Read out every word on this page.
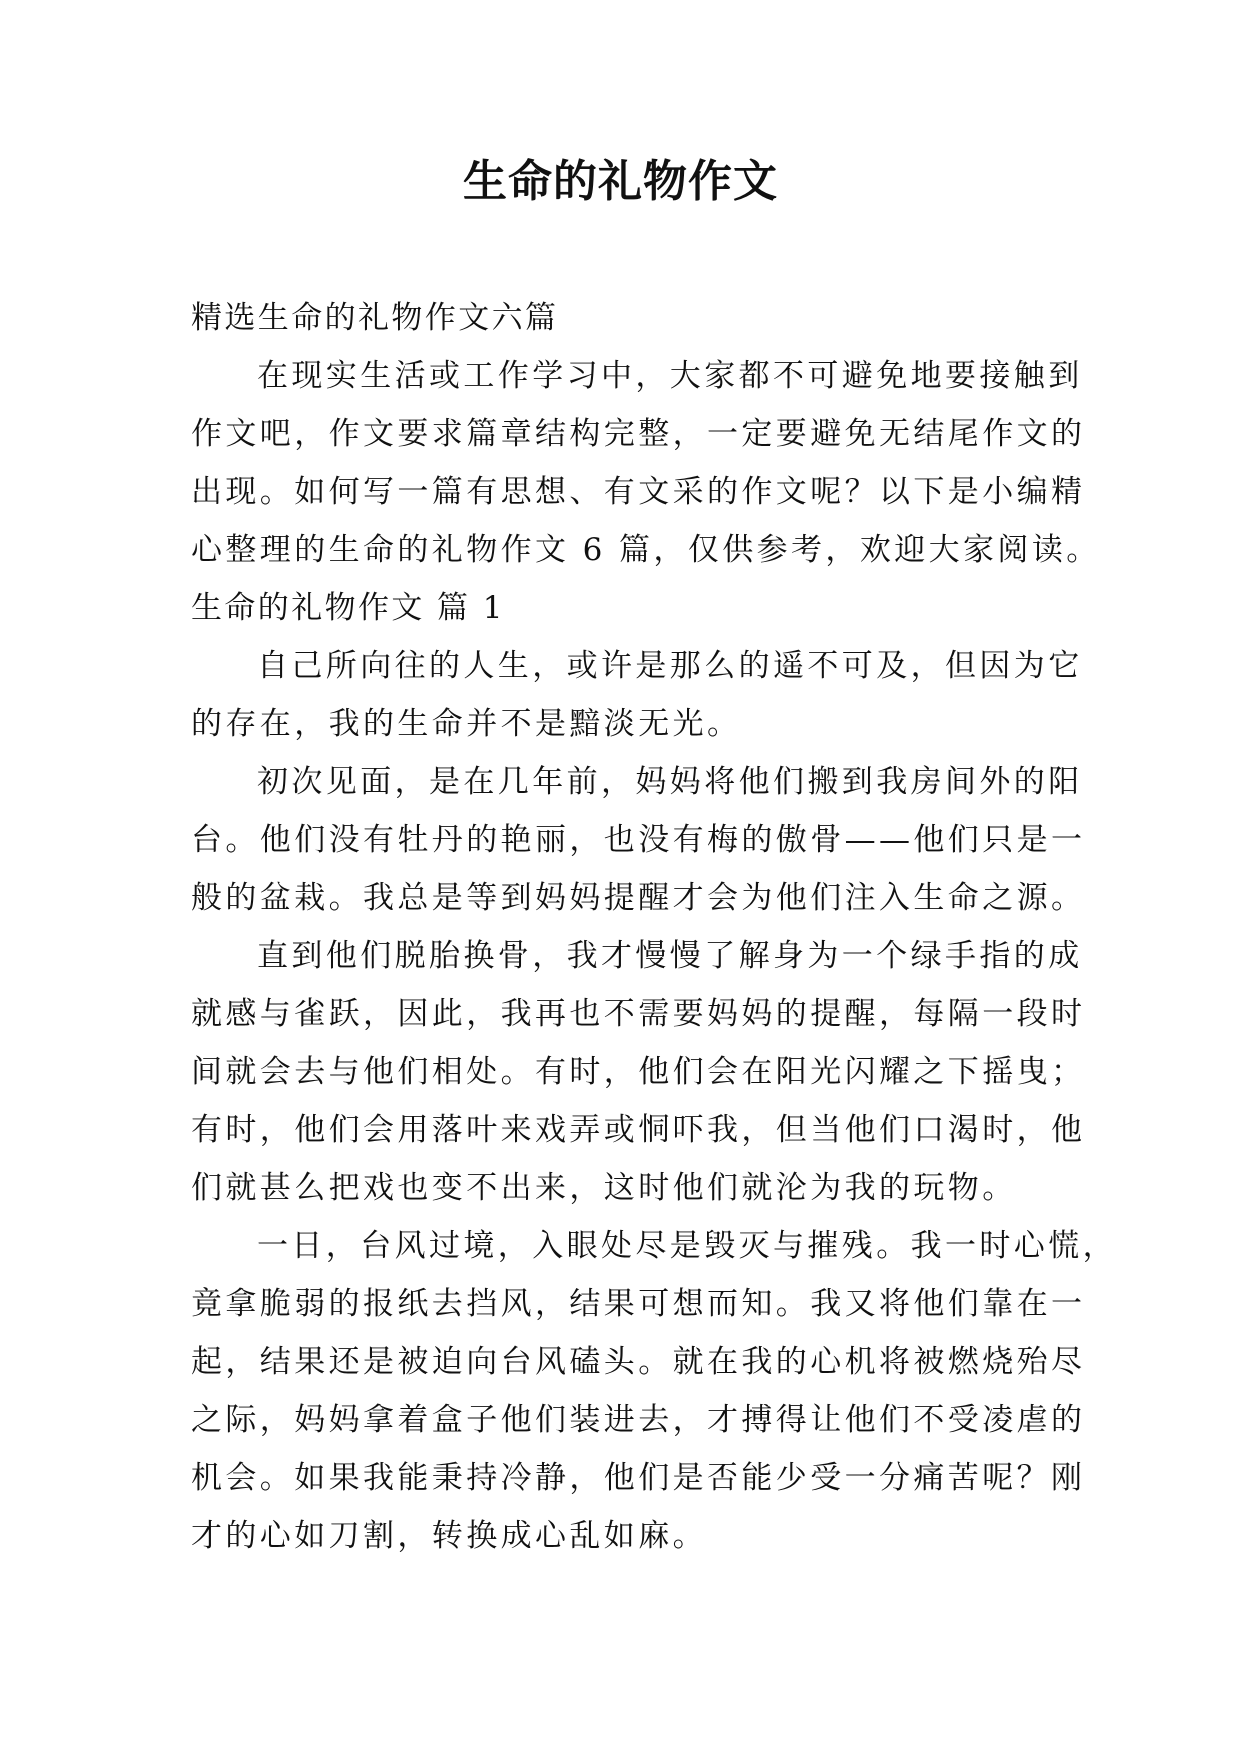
生命的礼物作文
精选生命的礼物作文六篇
在现实生活或工作学习中，大家都不可避免地要接触到
作文吧，作文要求篇章结构完整，一定要避免无结尾作文的
出现。如何写一篇有思想、有文采的作文呢？以下是小编精
心整理的生命的礼物作文 6 篇，仅供参考，欢迎大家阅读。
生命的礼物作文 篇 1
自己所向往的人生，或许是那么的遥不可及，但因为它
的存在，我的生命并不是黯淡无光。
初次见面，是在几年前，妈妈将他们搬到我房间外的阳
台。他们没有牡丹的艳丽，也没有梅的傲骨——他们只是一
般的盆栽。我总是等到妈妈提醒才会为他们注入生命之源。
直到他们脱胎换骨，我才慢慢了解身为一个绿手指的成
就感与雀跃，因此，我再也不需要妈妈的提醒，每隔一段时
间就会去与他们相处。有时，他们会在阳光闪耀之下摇曳；
有时，他们会用落叶来戏弄或恫吓我，但当他们口渴时，他
们就甚么把戏也变不出来，这时他们就沦为我的玩物。
一日，台风过境，入眼处尽是毁灭与摧残。我一时心慌，
竟拿脆弱的报纸去挡风，结果可想而知。我又将他们靠在一
起，结果还是被迫向台风磕头。就在我的心机将被燃烧殆尽
之际，妈妈拿着盒子他们装进去，才搏得让他们不受凌虐的
机会。如果我能秉持冷静，他们是否能少受一分痛苦呢？刚
才的心如刀割，转换成心乱如麻。
